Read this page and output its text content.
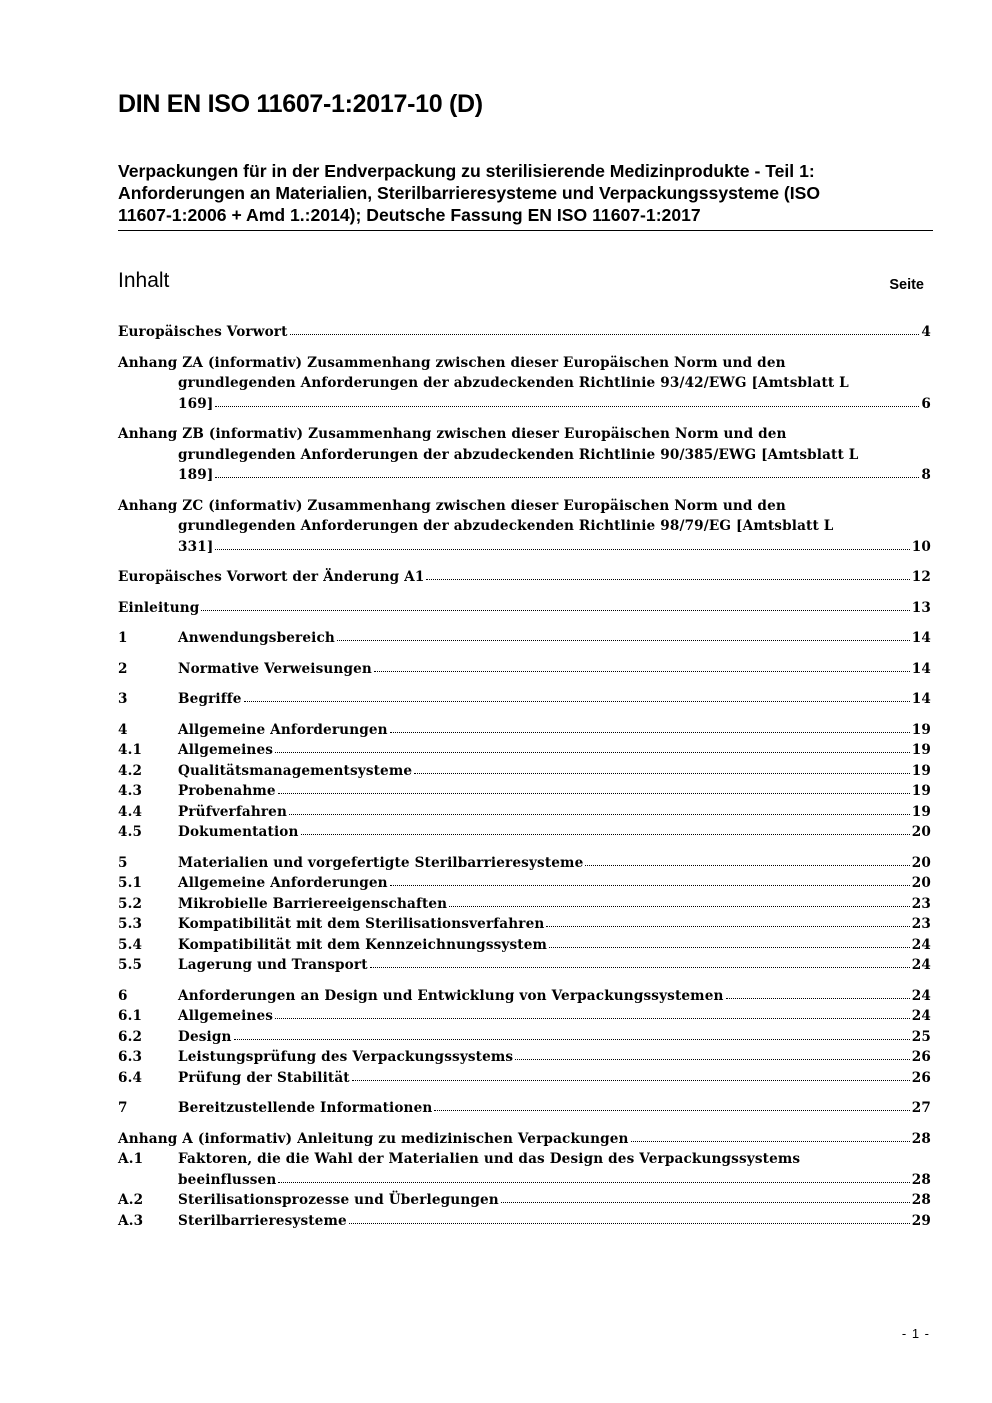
DIN EN ISO 11607-1:2017-10 (D)
Verpackungen für in der Endverpackung zu sterilisierende Medizinprodukte - Teil 1:
Anforderungen an Materialien, Sterilbarrieresysteme und Verpackungssysteme (ISO
11607-1:2006 + Amd 1.:2014); Deutsche Fassung EN ISO 11607-1:2017
Inhalt	Seite
Europäisches Vorwort	4
Anhang ZA (informativ) Zusammenhang zwischen dieser Europäischen Norm und den
grundlegenden Anforderungen der abzudeckenden Richtlinie 93/42/EWG [Amtsblatt L
169]	6
Anhang ZB (informativ) Zusammenhang zwischen dieser Europäischen Norm und den
grundlegenden Anforderungen der abzudeckenden Richtlinie 90/385/EWG [Amtsblatt L
189]	8
Anhang ZC (informativ) Zusammenhang zwischen dieser Europäischen Norm und den
grundlegenden Anforderungen der abzudeckenden Richtlinie 98/79/EG [Amtsblatt L
331]	10
Europäisches Vorwort der Änderung A1	12
Einleitung	13
1	Anwendungsbereich	14
2	Normative Verweisungen	14
3	Begriffe	14
4	Allgemeine Anforderungen	19
4.1	Allgemeines	19
4.2	Qualitätsmanagementsysteme	19
4.3	Probenahme	19
4.4	Prüfverfahren	19
4.5	Dokumentation	20
5	Materialien und vorgefertigte Sterilbarrieresysteme	20
5.1	Allgemeine Anforderungen	20
5.2	Mikrobielle Barriereeigenschaften	23
5.3	Kompatibilität mit dem Sterilisationsverfahren	23
5.4	Kompatibilität mit dem Kennzeichnungssystem	24
5.5	Lagerung und Transport	24
6	Anforderungen an Design und Entwicklung von Verpackungssystemen	24
6.1	Allgemeines	24
6.2	Design	25
6.3	Leistungsprüfung des Verpackungssystems	26
6.4	Prüfung der Stabilität	26
7	Bereitzustellende Informationen	27
Anhang A (informativ) Anleitung zu medizinischen Verpackungen	28
A.1	Faktoren, die die Wahl der Materialien und das Design des Verpackungssystems
beeinflussen	28
A.2	Sterilisationsprozesse und Überlegungen	28
A.3	Sterilbarrieresysteme	29
- 1 -
